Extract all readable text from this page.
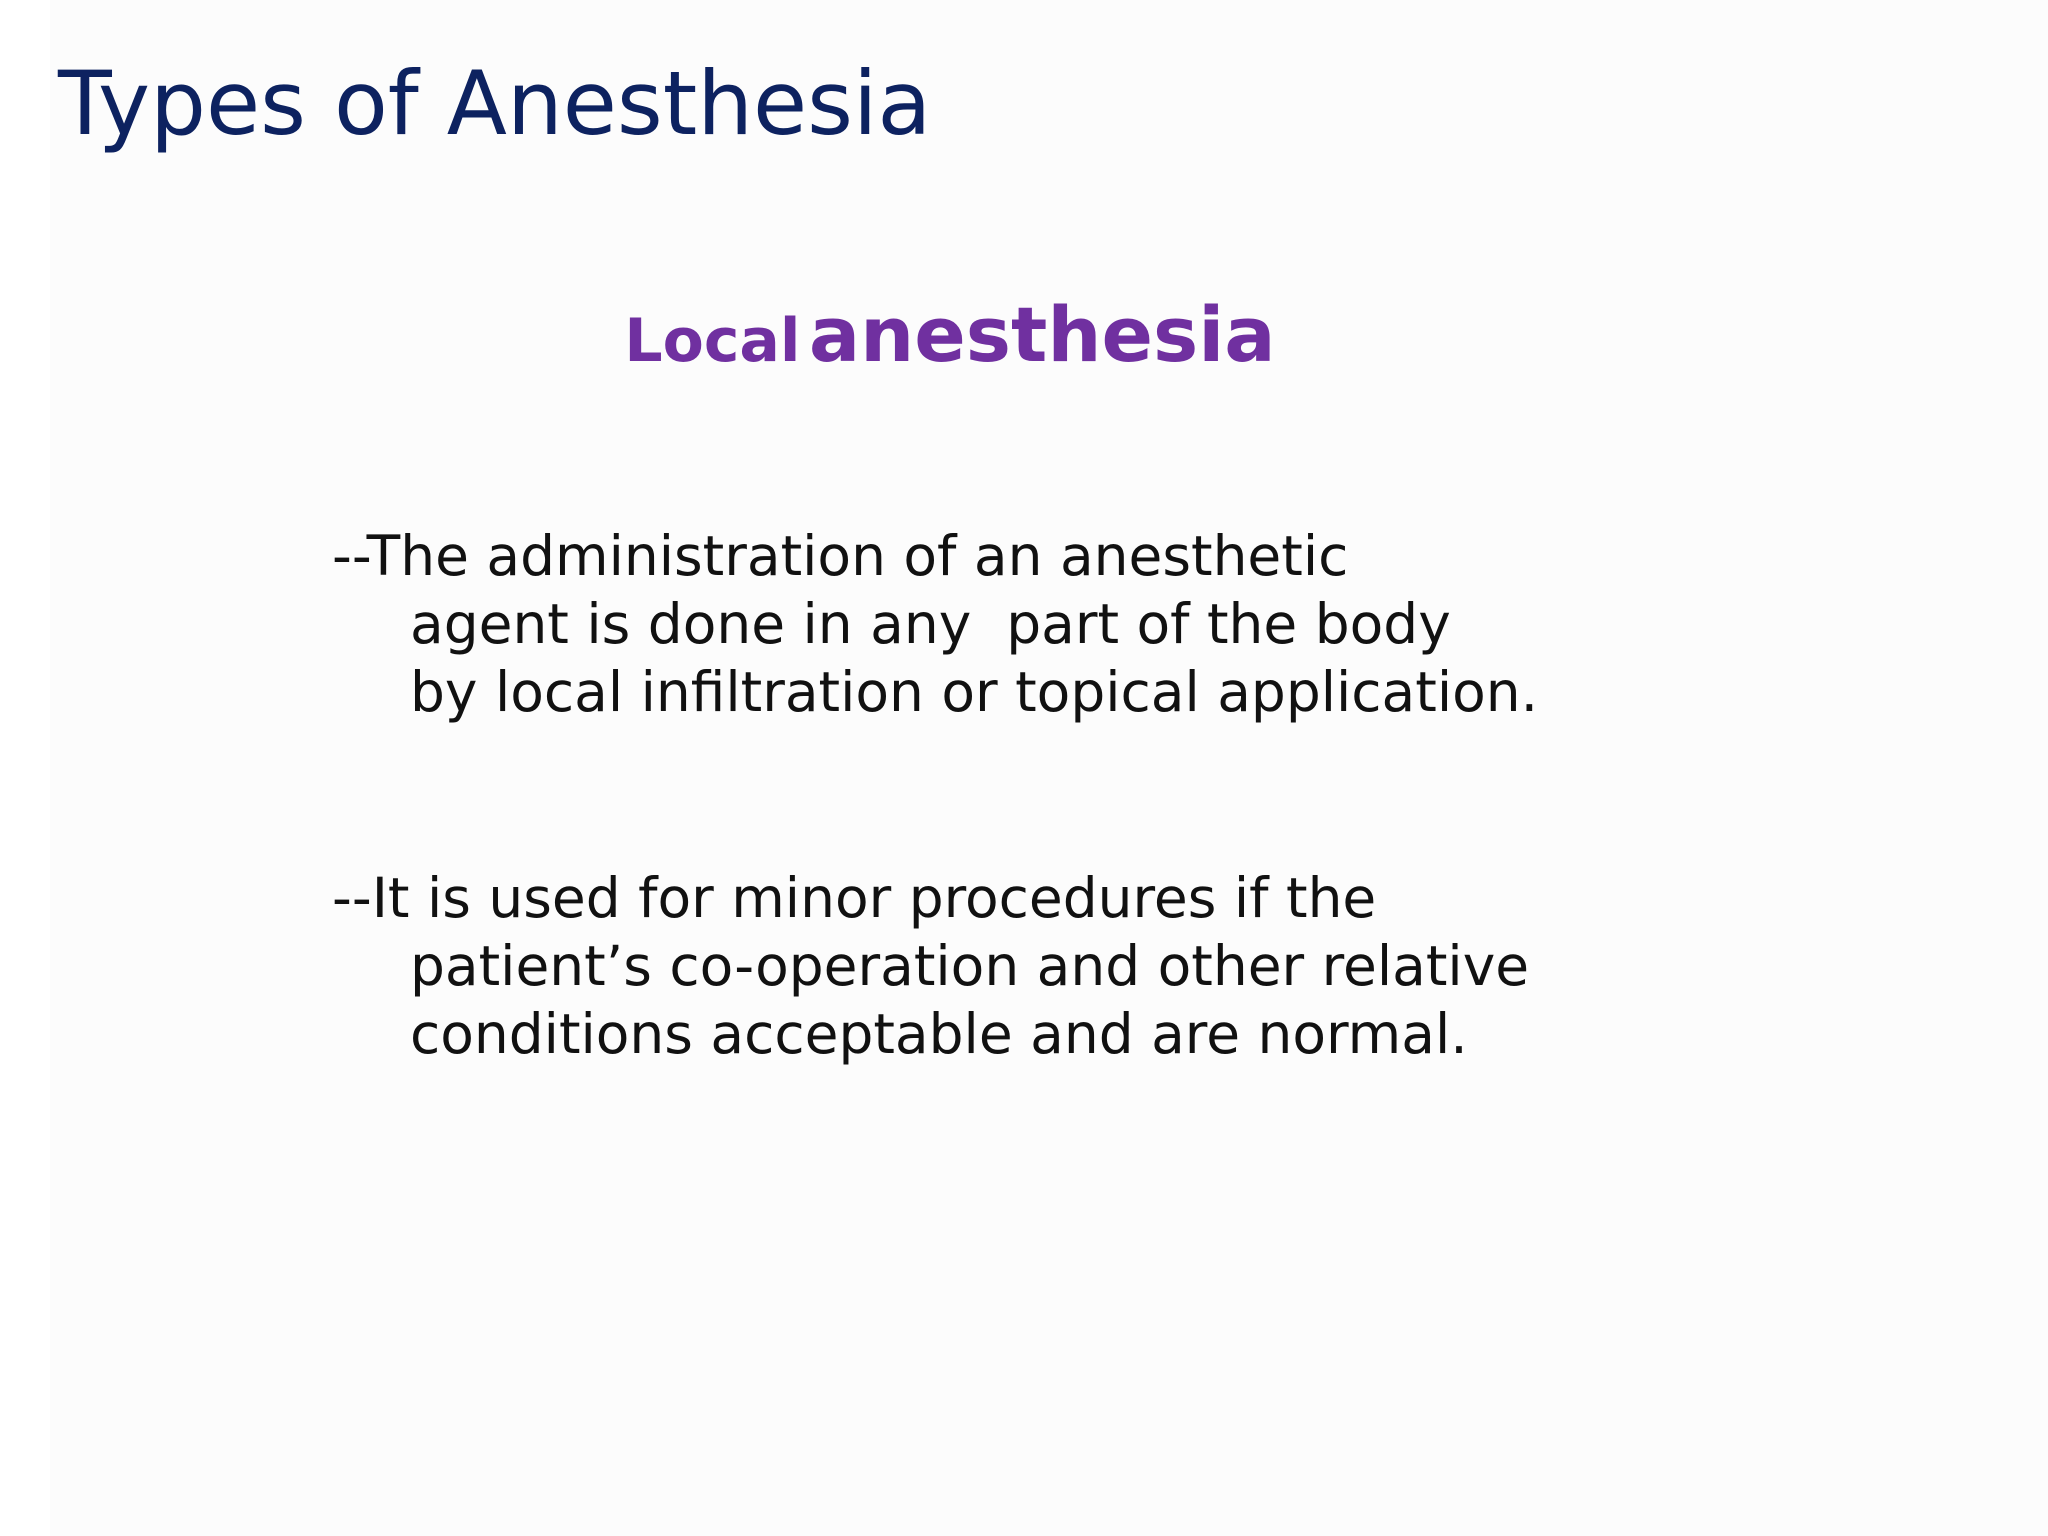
Types of Anesthesia
Local anesthesia

--The administration of an anesthetic
agent is done in any  part of the body
by local infiltration or topical application.

--It is used for minor procedures if the
patient’s co-operation and other relative
conditions acceptable and are normal.
